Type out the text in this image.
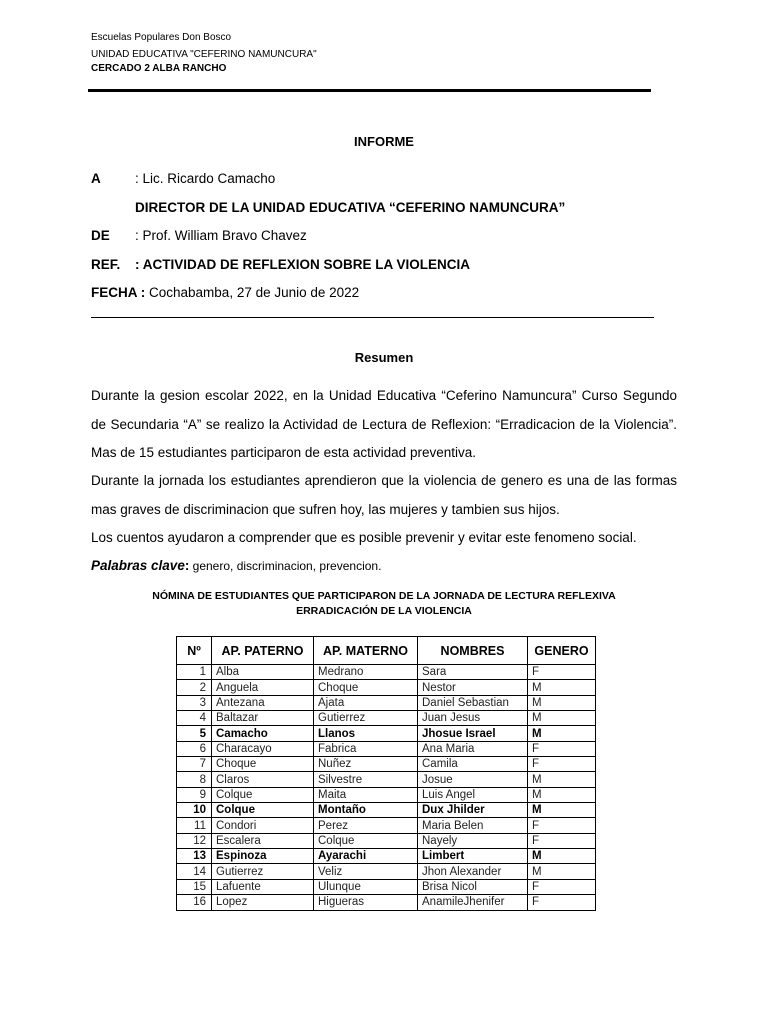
Escuelas Populares Don Bosco
UNIDAD EDUCATIVA "CEFERINO NAMUNCURA"
CERCADO 2 ALBA RANCHO
INFORME
A	: Lic. Ricardo Camacho
DIRECTOR DE LA UNIDAD EDUCATIVA “CEFERINO NAMUNCURA”
DE : Prof. William Bravo Chavez
REF. : ACTIVIDAD DE REFLEXION SOBRE LA VIOLENCIA
FECHA : Cochabamba, 27 de Junio de 2022
Resumen
Durante la gesion escolar 2022, en la Unidad Educativa “Ceferino Namuncura” Curso Segundo
de Secundaria “A” se realizo la Actividad de Lectura de Reflexion: “Erradicacion de la Violencia”.
Mas de 15 estudiantes participaron de esta actividad preventiva.
Durante la jornada los estudiantes aprendieron que la violencia de genero es una de las formas
mas graves de discriminacion que sufren hoy, las mujeres y tambien sus hijos.
Los cuentos ayudaron a comprender que es posible prevenir y evitar este fenomeno social.
Palabras clave: genero, discriminacion, prevencion.
NÓMINA DE ESTUDIANTES QUE PARTICIPARON DE LA JORNADA DE LECTURA REFLEXIVA
ERRADICACIÓN DE LA VIOLENCIA
Nº	AP. PATERNO	AP. MATERNO	NOMBRES	GENERO
1	Alba	Medrano	Sara	F
2	Anguela	Choque	Nestor	M
3	Antezana	Ajata	Daniel Sebastian	M
4	Baltazar	Gutierrez	Juan Jesus	M
5	Camacho	Llanos	Jhosue Israel	M
6	Characayo	Fabrica	Ana Maria	F
7	Choque	Nuñez	Camila	F
8	Claros	Silvestre	Josue	M
9	Colque	Maita	Luis Angel	M
10	Colque	Montaño	Dux Jhilder	M
11	Condori	Perez	Maria Belen	F
12	Escalera	Colque	Nayely	F
13	Espinoza	Ayarachi	Limbert	M
14	Gutierrez	Veliz	Jhon Alexander	M
15	Lafuente	Ulunque	Brisa Nicol	F
16	Lopez	Higueras	AnamileJhenifer	F
